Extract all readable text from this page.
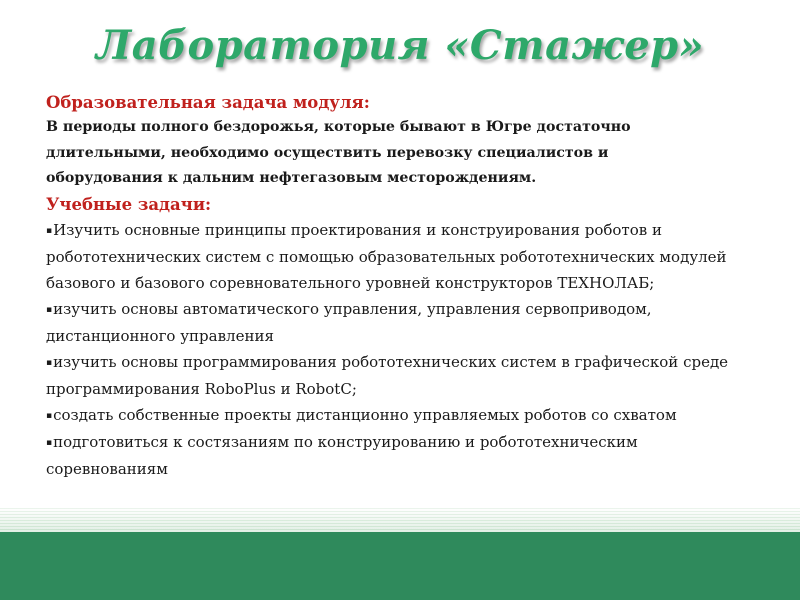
Лаборатория «Стажер»

Образовательная задача модуля:

В периоды полного бездорожья, которые бывают в Югре достаточно
длительными, необходимо осуществить перевозку специалистов и
оборудования к дальним нефтегазовым месторождениям.

Учебные задачи:

▪Изучить основные принципы проектирования и конструирования роботов и
робототехнических систем с помощью образовательных робототехнических модулей
базового и базового соревновательного уровней конструкторов ТЕХНОЛАБ;

▪изучить основы автоматического управления, управления сервоприводом,
дистанционного управления

▪изучить основы программирования робототехнических систем в графической среде
программирования RoboPlus и RobotC;

▪создать собственные проекты дистанционно управляемых роботов со схватом

▪подготовиться к состязаниям по конструированию и робототехническим
соревнованиям
